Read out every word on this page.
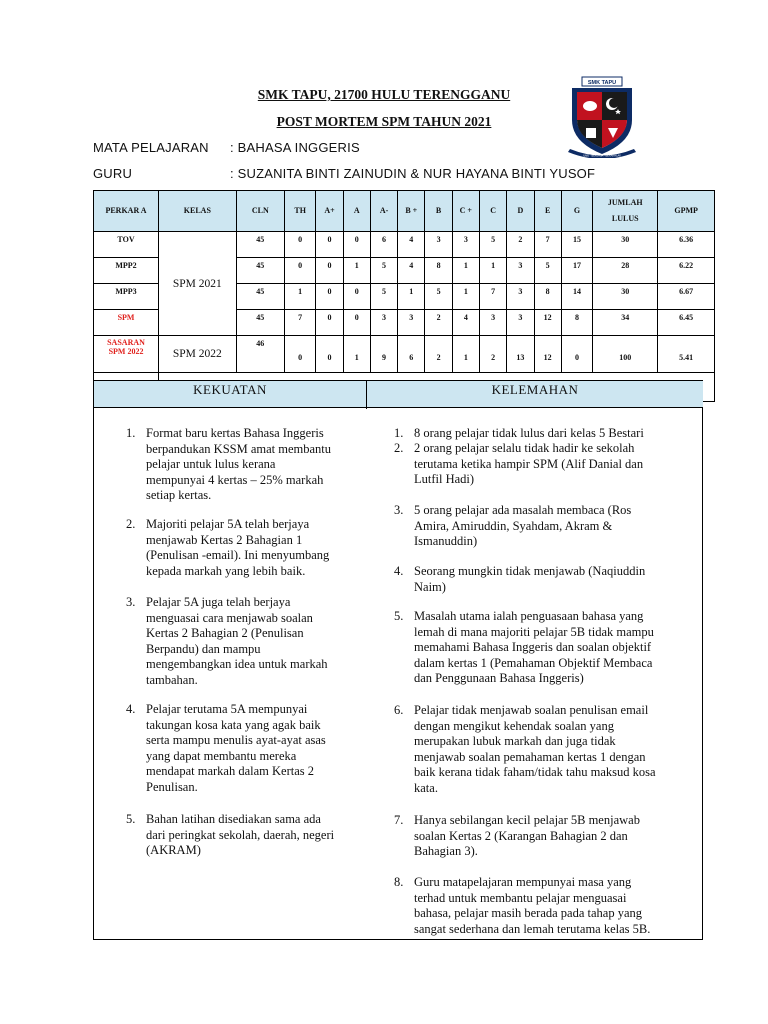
SMK TAPU, 21700 HULU TERENGGANU
POST MORTEM SPM TAHUN 2021
SMK TAPU
ILMU · BERJASA · BERAKHLAK
MATA PELAJARAN : BAHASA INGGERIS
GURU	: SUZANITA BINTI ZAINUDIN & NUR HAYANA BINTI YUSOF
PERKAR A	KELAS	CLN	TH	A+	A	A-	B +	B	C +	C	D	E	G	JUMLAH LULUS	GPMP
TOV	SPM 2021	45	0	0	0	6	4	3	3	5	2	7	15	30	6.36
MPP2		45	0	0	1	5	4	8	1	1	3	5	17	28	6.22
MPP3		45	1	0	0	5	1	5	1	7	3	8	14	30	6.67
SPM		45	7	0	0	3	3	2	4	3	3	12	8	34	6.45
SASARAN SPM 2022	SPM 2022	46	0	0	1	9	6	2	1	2	13	12	0	100	5.41

KEKUATAN	KELEMAHAN
1. Format baru kertas Bahasa Inggeris
berpandukan KSSM amat membantu
pelajar untuk lulus kerana
mempunyai 4 kertas – 25% markah
setiap kertas.
2. Majoriti pelajar 5A telah berjaya
menjawab Kertas 2 Bahagian 1
(Penulisan -email). Ini menyumbang
kepada markah yang lebih baik.
3. Pelajar 5A juga telah berjaya
menguasai cara menjawab soalan
Kertas 2 Bahagian 2 (Penulisan
Berpandu) dan mampu
mengembangkan idea untuk markah
tambahan.
4. Pelajar terutama 5A mempunyai
takungan kosa kata yang agak baik
serta mampu menulis ayat-ayat asas
yang dapat membantu mereka
mendapat markah dalam Kertas 2
Penulisan.
5. Bahan latihan disediakan sama ada
dari peringkat sekolah, daerah, negeri
(AKRAM)
1. 8 orang pelajar tidak lulus dari kelas 5 Bestari
2. 2 orang pelajar selalu tidak hadir ke sekolah
terutama ketika hampir SPM (Alif Danial dan
Lutfil Hadi)
3. 5 orang pelajar ada masalah membaca (Ros
Amira, Amiruddin, Syahdam, Akram &
Ismanuddin)
4. Seorang mungkin tidak menjawab (Naqiuddin
Naim)
5. Masalah utama ialah penguasaan bahasa yang
lemah di mana majoriti pelajar 5B tidak mampu
memahami Bahasa Inggeris dan soalan objektif
dalam kertas 1 (Pemahaman Objektif Membaca
dan Penggunaan Bahasa Inggeris)
6. Pelajar tidak menjawab soalan penulisan email
dengan mengikut kehendak soalan yang
merupakan lubuk markah dan juga tidak
menjawab soalan pemahaman kertas 1 dengan
baik kerana tidak faham/tidak tahu maksud kosa
kata.
7. Hanya sebilangan kecil pelajar 5B menjawab
soalan Kertas 2 (Karangan Bahagian 2 dan
Bahagian 3).
8. Guru matapelajaran mempunyai masa yang
terhad untuk membantu pelajar menguasai
bahasa, pelajar masih berada pada tahap yang
sangat sederhana dan lemah terutama kelas 5B.
